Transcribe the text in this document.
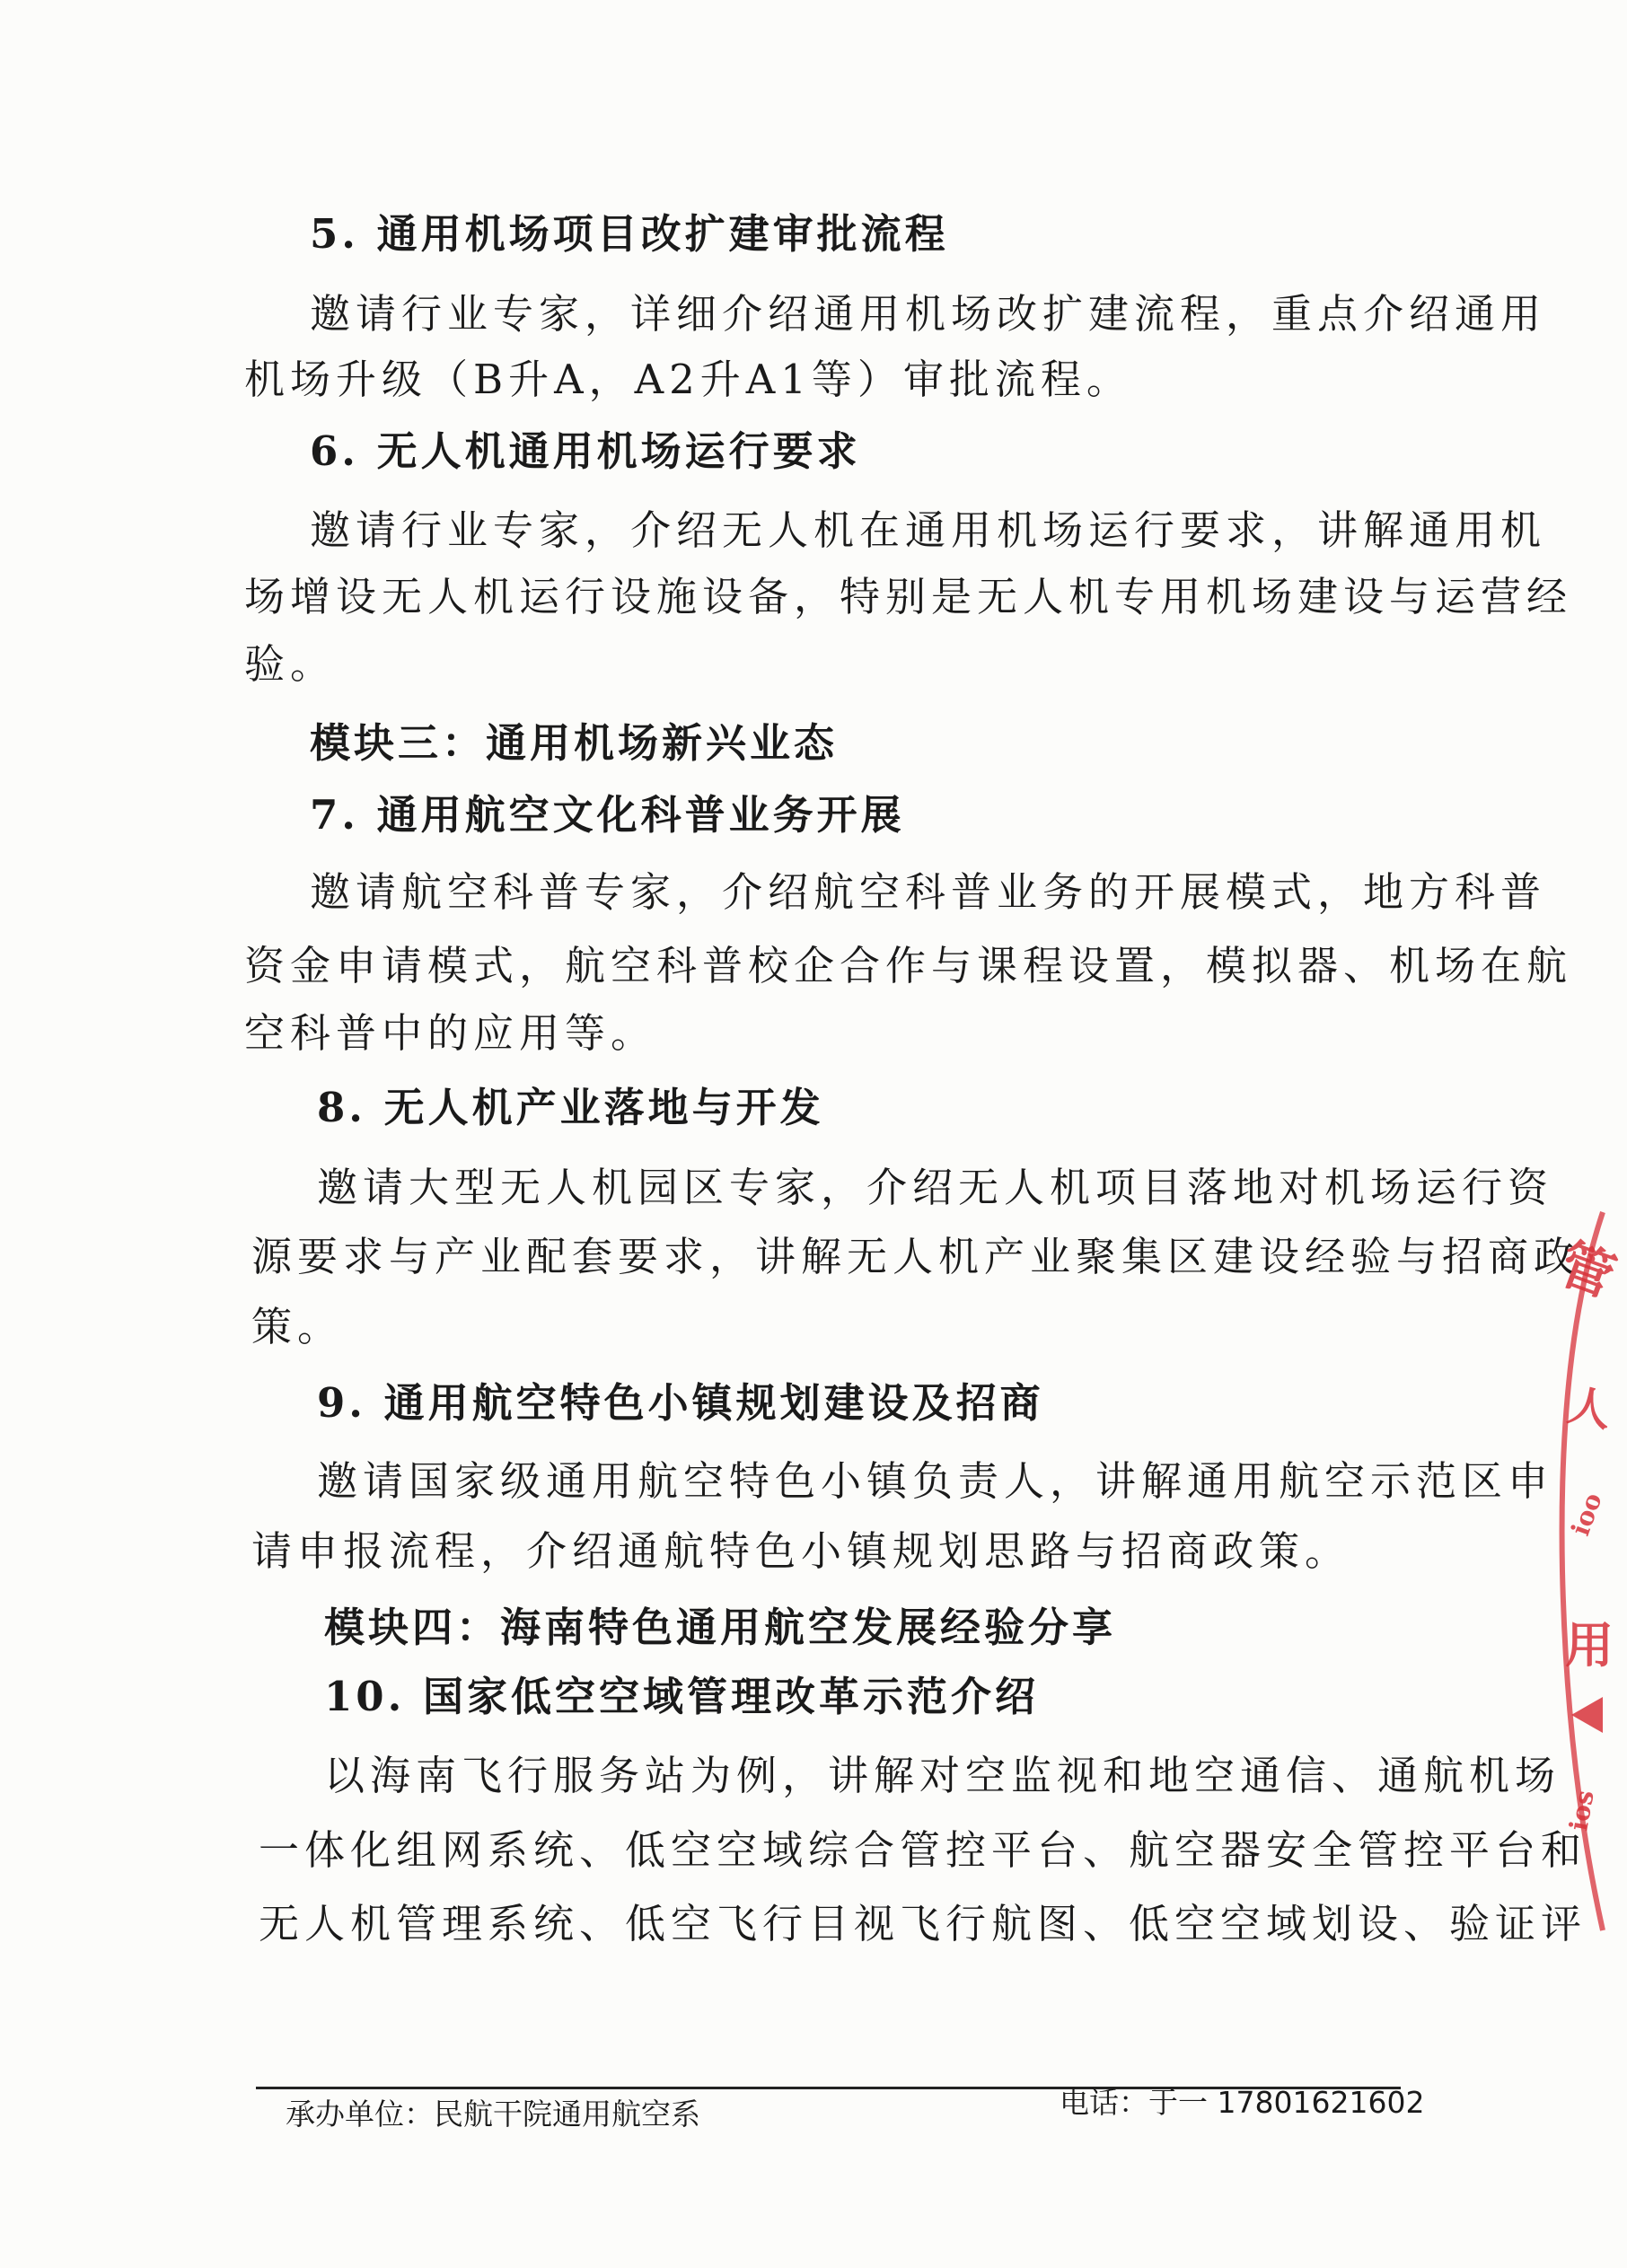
5. 通用机场项目改扩建审批流程
邀请行业专家，详细介绍通用机场改扩建流程，重点介绍通用
机场升级（B升A，A2升A1等）审批流程。
6. 无人机通用机场运行要求
邀请行业专家，介绍无人机在通用机场运行要求，讲解通用机
场增设无人机运行设施设备，特别是无人机专用机场建设与运营经
验。
模块三：通用机场新兴业态
7. 通用航空文化科普业务开展
邀请航空科普专家，介绍航空科普业务的开展模式，地方科普
资金申请模式，航空科普校企合作与课程设置，模拟器、机场在航
空科普中的应用等。
8. 无人机产业落地与开发
邀请大型无人机园区专家，介绍无人机项目落地对机场运行资
源要求与产业配套要求，讲解无人机产业聚集区建设经验与招商政
策。
9. 通用航空特色小镇规划建设及招商
邀请国家级通用航空特色小镇负责人，讲解通用航空示范区申
请申报流程，介绍通航特色小镇规划思路与招商政策。
模块四：海南特色通用航空发展经验分享
10. 国家低空空域管理改革示范介绍
以海南飞行服务站为例，讲解对空监视和地空通信、通航机场
一体化组网系统、低空空域综合管控平台、航空器安全管控平台和
无人机管理系统、低空飞行目视飞行航图、低空空域划设、验证评
承办单位：民航干院通用航空系	电话：于一 17801621602
管
人
ioo
用
ios
